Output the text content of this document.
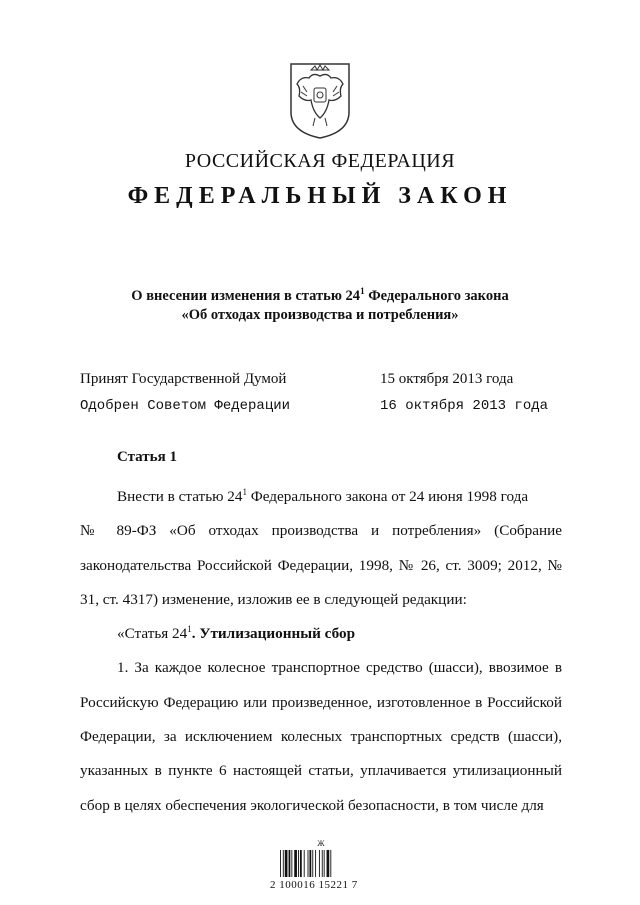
РОССИЙСКАЯ ФЕДЕРАЦИЯ
ФЕДЕРАЛЬНЫЙ ЗАКОН
О внесении изменения в статью $24^1$ Федерального закона
«Об отходах производства и потребления»
Принят Государственной Думой	15 октября 2013 года
Одобрен Советом Федерации	16 октября 2013 года
Статья 1

Внести в статью $24^1$ Федерального закона от 24 июня 1998 года

№ 89-ФЗ «Об отходах производства и потребления» (Собрание законодательства Российской Федерации, 1998, № 26, ст. 3009; 2012, № 31, ст. 4317) изменение, изложив ее в следующей редакции:

«Статья $24^1$. Утилизационный сбор

1. За каждое колесное транспортное средство (шасси), ввозимое в Российскую Федерацию или произведенное, изготовленное в Российской Федерации, за исключением колесных транспортных средств (шасси), указанных в пункте 6 настоящей статьи, уплачивается утилизационный сбор в целях обеспечения экологической безопасности, в том числе для

Ж
2 100016 15221 7
